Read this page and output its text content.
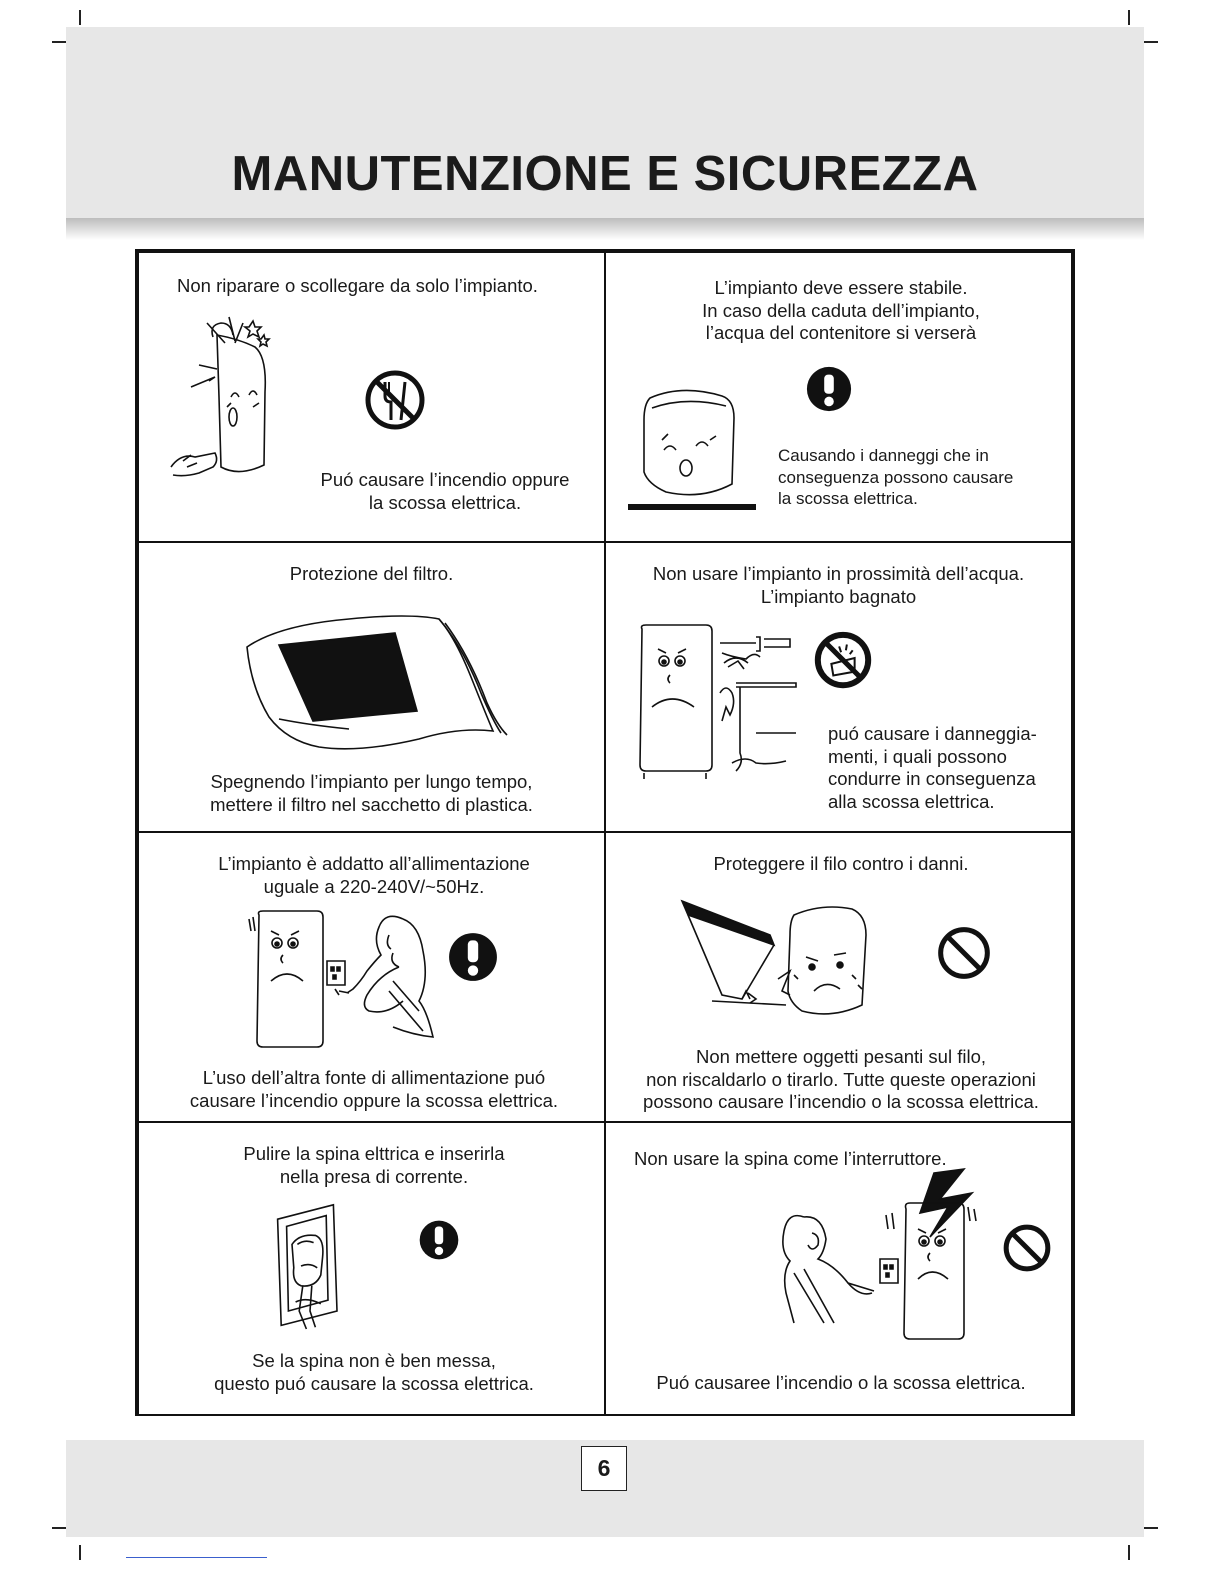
MANUTENZIONE E SICUREZZA
Non riparare o scollegare da solo l’impianto.
Puó causare l’incendio oppure
la scossa elettrica.
L’impianto deve essere stabile.
In caso della caduta dell’impianto,
l’acqua del contenitore si verserà
Causando i danneggi che in
conseguenza possono causare
la scossa elettrica.
Protezione del filtro.
Spegnendo l’impianto per lungo tempo,
mettere il filtro nel sacchetto di plastica.
Non usare l’impianto in prossimità dell’acqua.
L’impianto bagnato
puó causare i danneggia-
menti, i quali possono
condurre in conseguenza
alla scossa elettrica.
L’impianto è addatto all’allimentazione
uguale a 220-240V/~50Hz.
L’uso dell’altra fonte di allimentazione puó
causare l’incendio oppure la scossa elettrica.
Proteggere il filo contro i danni.
Non mettere oggetti pesanti sul filo,
non riscaldarlo o tirarlo. Tutte queste operazioni
possono causare l’incendio o la scossa elettrica.
Pulire la spina elttrica e inserirla
nella presa di corrente.
Se la spina non è ben messa,
questo puó causare la scossa elettrica.
Non usare la spina come l’interruttore.
Puó causaree l’incendio o la scossa elettrica.
6
